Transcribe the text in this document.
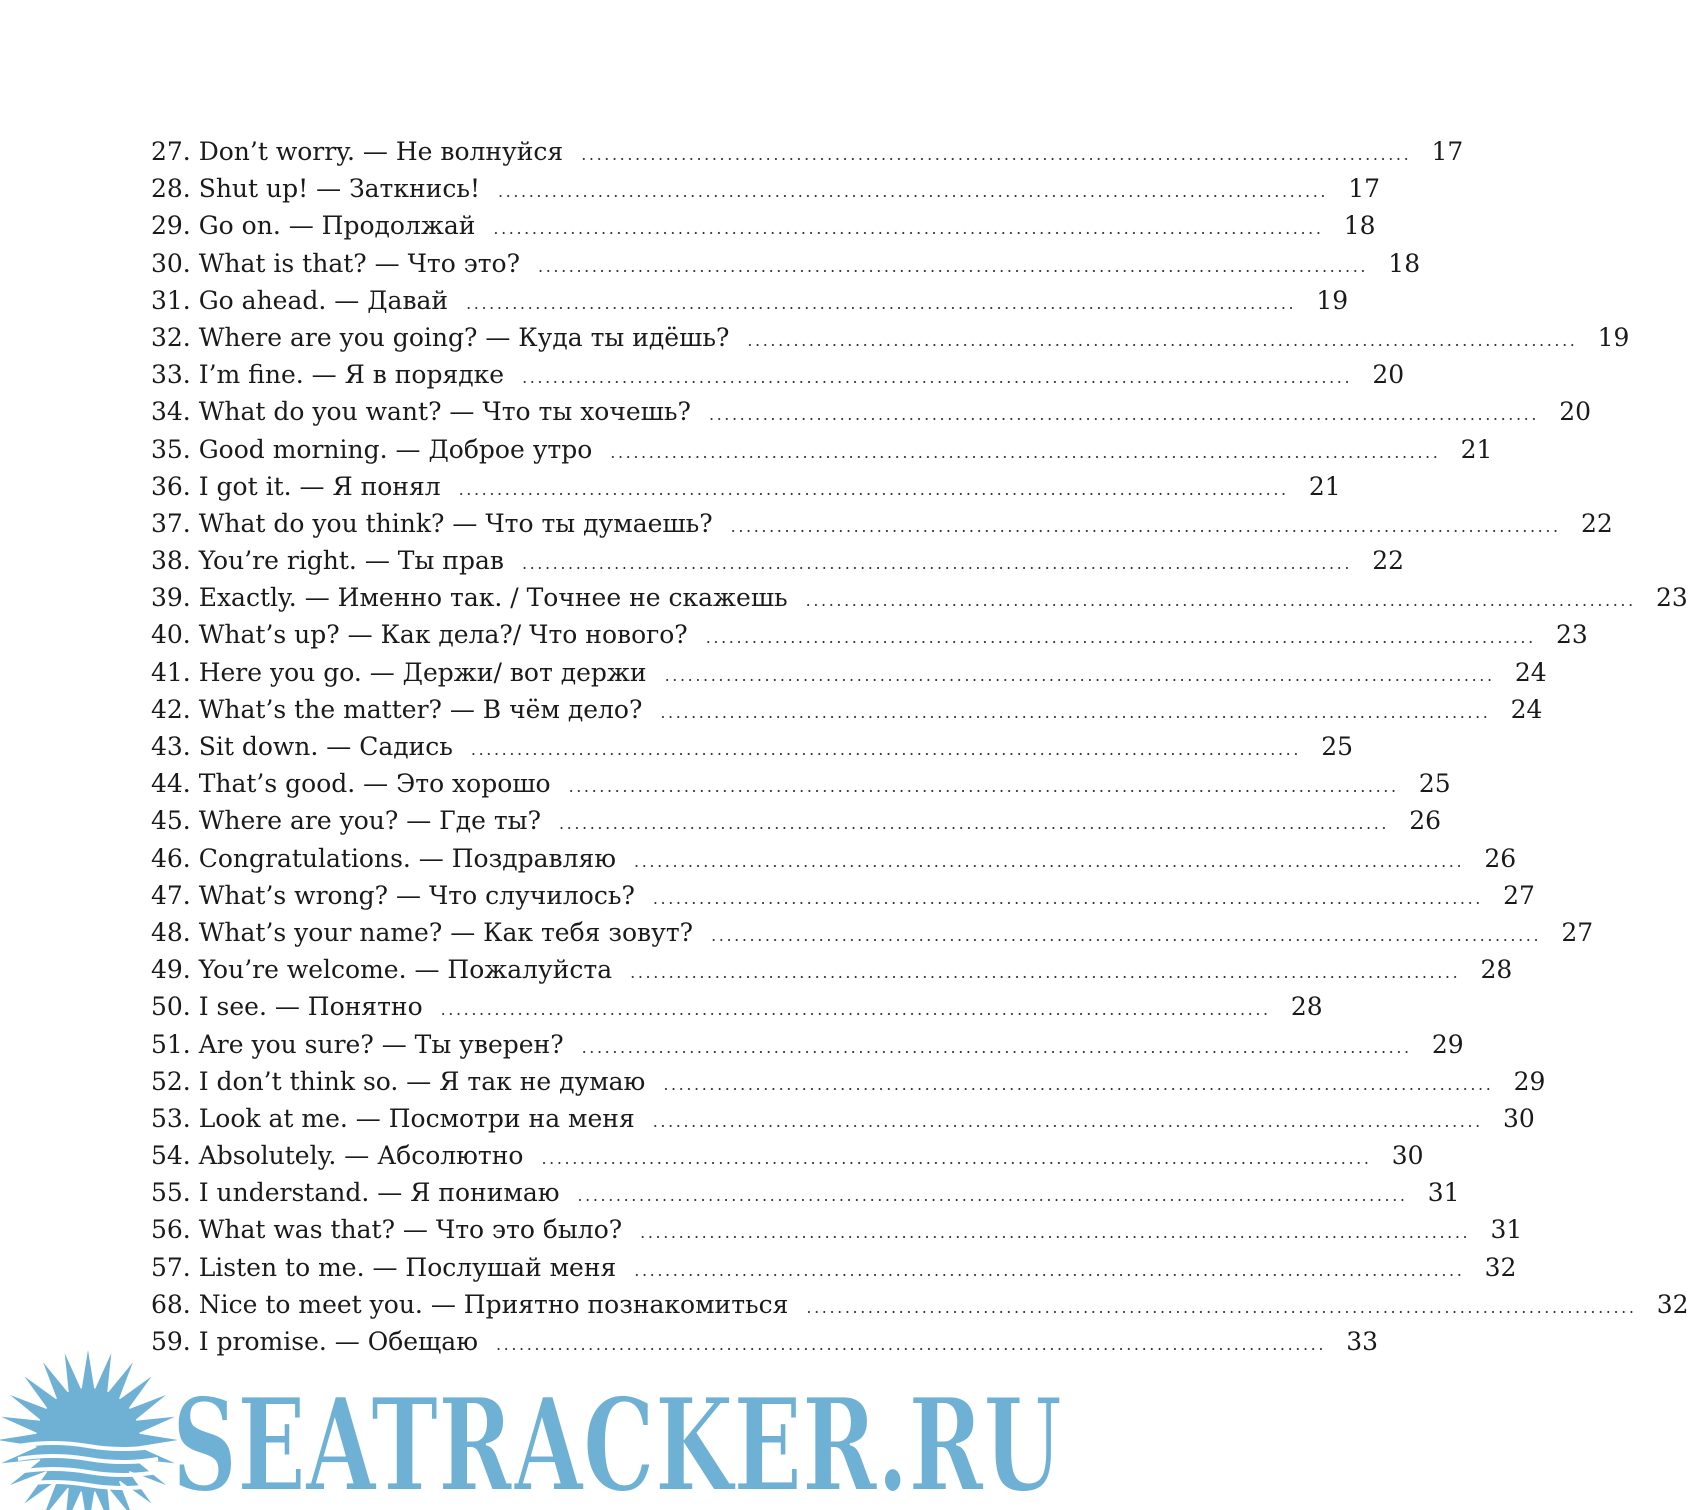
27. Don’t worry. — Не волнуйся	............................................................................................................ 17
28. Shut up! — Заткнись!	............................................................................................................ 17
29. Go on. — Продолжай	............................................................................................................ 18
30. What is that? — Что это?	............................................................................................................ 18
31. Go ahead. — Давай	............................................................................................................ 19
32. Where are you going? — Куда ты идёшь?	............................................................................................................ 19
33. I’m fine. — Я в порядке	............................................................................................................ 20
34. What do you want? — Что ты хочешь?	............................................................................................................ 20
35. Good morning. — Доброе утро	............................................................................................................ 21
36. I got it. — Я понял	............................................................................................................ 21
37. What do you think? — Что ты думаешь?	............................................................................................................ 22
38. You’re right. — Ты прав	............................................................................................................ 22
39. Exactly. — Именно так. / Точнее не скажешь	............................................................................................................ 23
40. What’s up? — Как дела?/ Что нового?	............................................................................................................ 23
41. Here you go. — Держи/ вот держи	............................................................................................................ 24
42. What’s the matter? — В чём дело?	............................................................................................................ 24
43. Sit down. — Садись	............................................................................................................ 25
44. That’s good. — Это хорошо	............................................................................................................ 25
45. Where are you? — Где ты?	............................................................................................................ 26
46. Congratulations. — Поздравляю	............................................................................................................ 26
47. What’s wrong? — Что случилось?	............................................................................................................ 27
48. What’s your name? — Как тебя зовут?	............................................................................................................ 27
49. You’re welcome. — Пожалуйста	............................................................................................................ 28
50. I see. — Понятно	............................................................................................................ 28
51. Are you sure? — Ты уверен?	............................................................................................................ 29
52. I don’t think so. — Я так не думаю	............................................................................................................ 29
53. Look at me. — Посмотри на меня	............................................................................................................ 30
54. Absolutely. — Абсолютно	............................................................................................................ 30
55. I understand. — Я понимаю	............................................................................................................ 31
56. What was that? — Что это было?	............................................................................................................ 31
57. Listen to me. — Послушай меня	............................................................................................................ 32
68. Nice to meet you. — Приятно познакомиться	............................................................................................................ 32
59. I promise. — Обещаю	............................................................................................................ 33
SEATRACKER.RU
